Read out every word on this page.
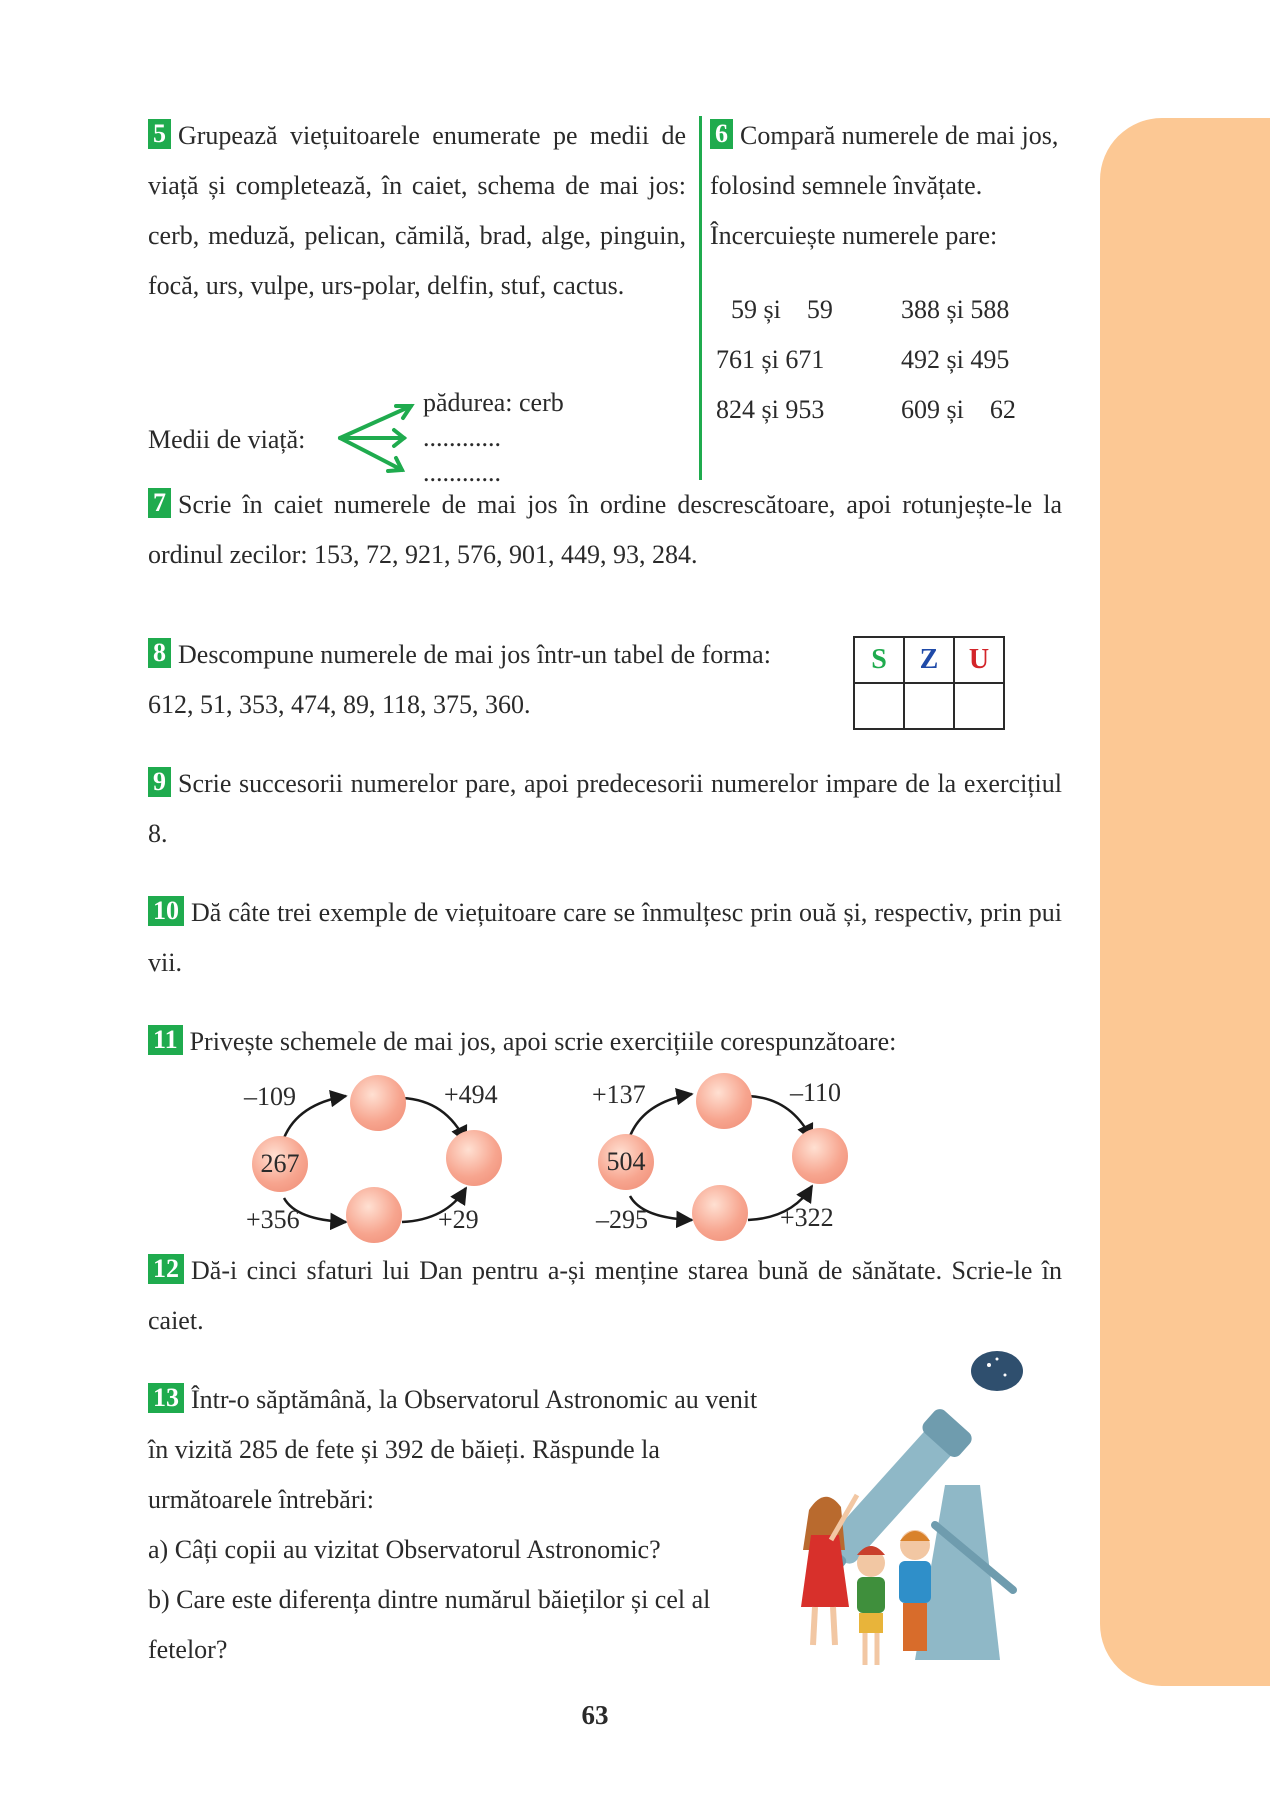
5 Grupează viețuitoarele enumerate pe medii de viață și completează, în caiet, schema de mai jos: cerb, meduză, pelican, cămilă, brad, alge, pinguin, focă, urs, vulpe, urs-polar, delfin, stuf, cactus.

Medii de viață:
pădurea: cerb
............
............

6 Compară numerele de mai jos, folosind semnele învățate. Încercuiește numerele pare:

59 și 59	388 și 588
761 și 671	492 și 495
824 și 953	609 și 62

7 Scrie în caiet numerele de mai jos în ordine descrescătoare, apoi rotunjește-le la ordinul zecilor: 153, 72, 921, 576, 901, 449, 93, 284.

8 Descompune numerele de mai jos într-un tabel de forma:
612, 51, 353, 474, 89, 118, 375, 360.

S	Z	U

9 Scrie succesorii numerelor pare, apoi predecesorii numerelor impare de la exercițiul 8.

10 Dă câte trei exemple de viețuitoare care se înmulțesc prin ouă și, respectiv, prin pui vii.

11 Privește schemele de mai jos, apoi scrie exercițiile corespunzătoare:

267
–109	+494
+356	+29
504
+137	–110
–295	+322

12 Dă-i cinci sfaturi lui Dan pentru a-și menține starea bună de sănătate. Scrie-le în caiet.

13 Într-o săptămână, la Observatorul Astronomic au venit în vizită 285 de fete și 392 de băieți. Răspunde la următoarele întrebări:
a) Câți copii au vizitat Observatorul Astronomic?
b) Care este diferența dintre numărul băieților și cel al fetelor?

63
